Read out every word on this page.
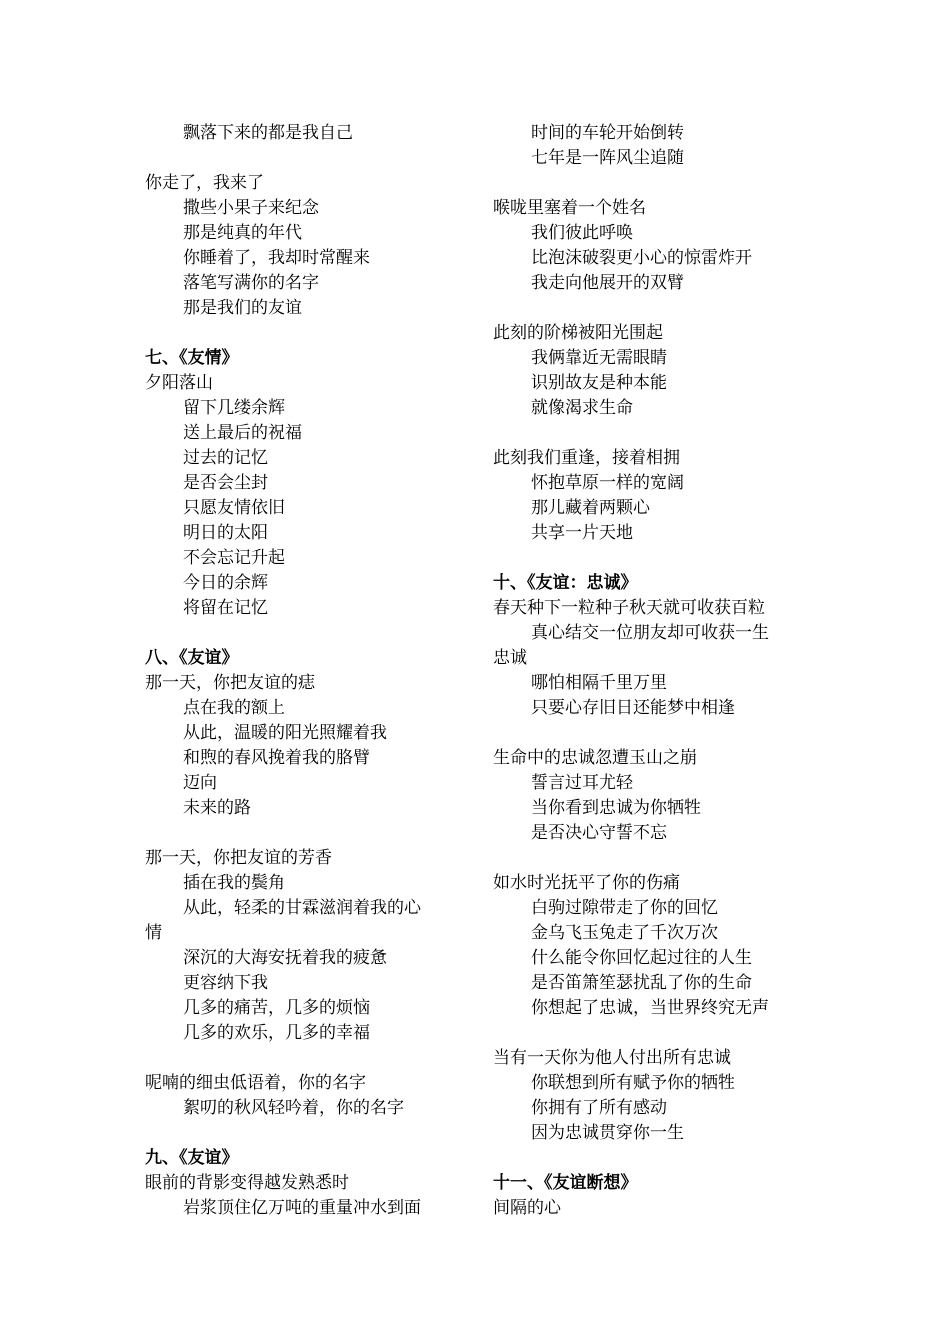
飘落下来的都是我自己
你走了，我来了
撒些小果子来纪念
那是纯真的年代
你睡着了，我却时常醒来
落笔写满你的名字
那是我们的友谊
七、《友情》
夕阳落山
留下几缕余辉
送上最后的祝福
过去的记忆
是否会尘封
只愿友情依旧
明日的太阳
不会忘记升起
今日的余辉
将留在记忆
八、《友谊》
那一天，你把友谊的痣
点在我的额上
从此，温暖的阳光照耀着我
和煦的春风挽着我的胳臂
迈向
未来的路
那一天，你把友谊的芳香
插在我的鬓角
从此，轻柔的甘霖滋润着我的心
情
深沉的大海安抚着我的疲惫
更容纳下我
几多的痛苦，几多的烦恼
几多的欢乐，几多的幸福
呢喃的细虫低语着，你的名字
絮叨的秋风轻吟着，你的名字
九、《友谊》
眼前的背影变得越发熟悉时
岩浆顶住亿万吨的重量冲水到面
时间的车轮开始倒转
七年是一阵风尘追随
喉咙里塞着一个姓名
我们彼此呼唤
比泡沫破裂更小心的惊雷炸开
我走向他展开的双臂
此刻的阶梯被阳光围起
我俩靠近无需眼睛
识别故友是种本能
就像渴求生命
此刻我们重逢，接着相拥
怀抱草原一样的宽阔
那儿藏着两颗心
共享一片天地
十、《友谊：忠诚》
春天种下一粒种子秋天就可收获百粒
真心结交一位朋友却可收获一生
忠诚
哪怕相隔千里万里
只要心存旧日还能梦中相逢
生命中的忠诚忽遭玉山之崩
誓言过耳尤轻
当你看到忠诚为你牺牲
是否决心守誓不忘
如水时光抚平了你的伤痛
白驹过隙带走了你的回忆
金乌飞玉兔走了千次万次
什么能令你回忆起过往的人生
是否笛箫笙瑟扰乱了你的生命
你想起了忠诚，当世界终究无声
当有一天你为他人付出所有忠诚
你联想到所有赋予你的牺牲
你拥有了所有感动
因为忠诚贯穿你一生
十一、《友谊断想》
间隔的心
